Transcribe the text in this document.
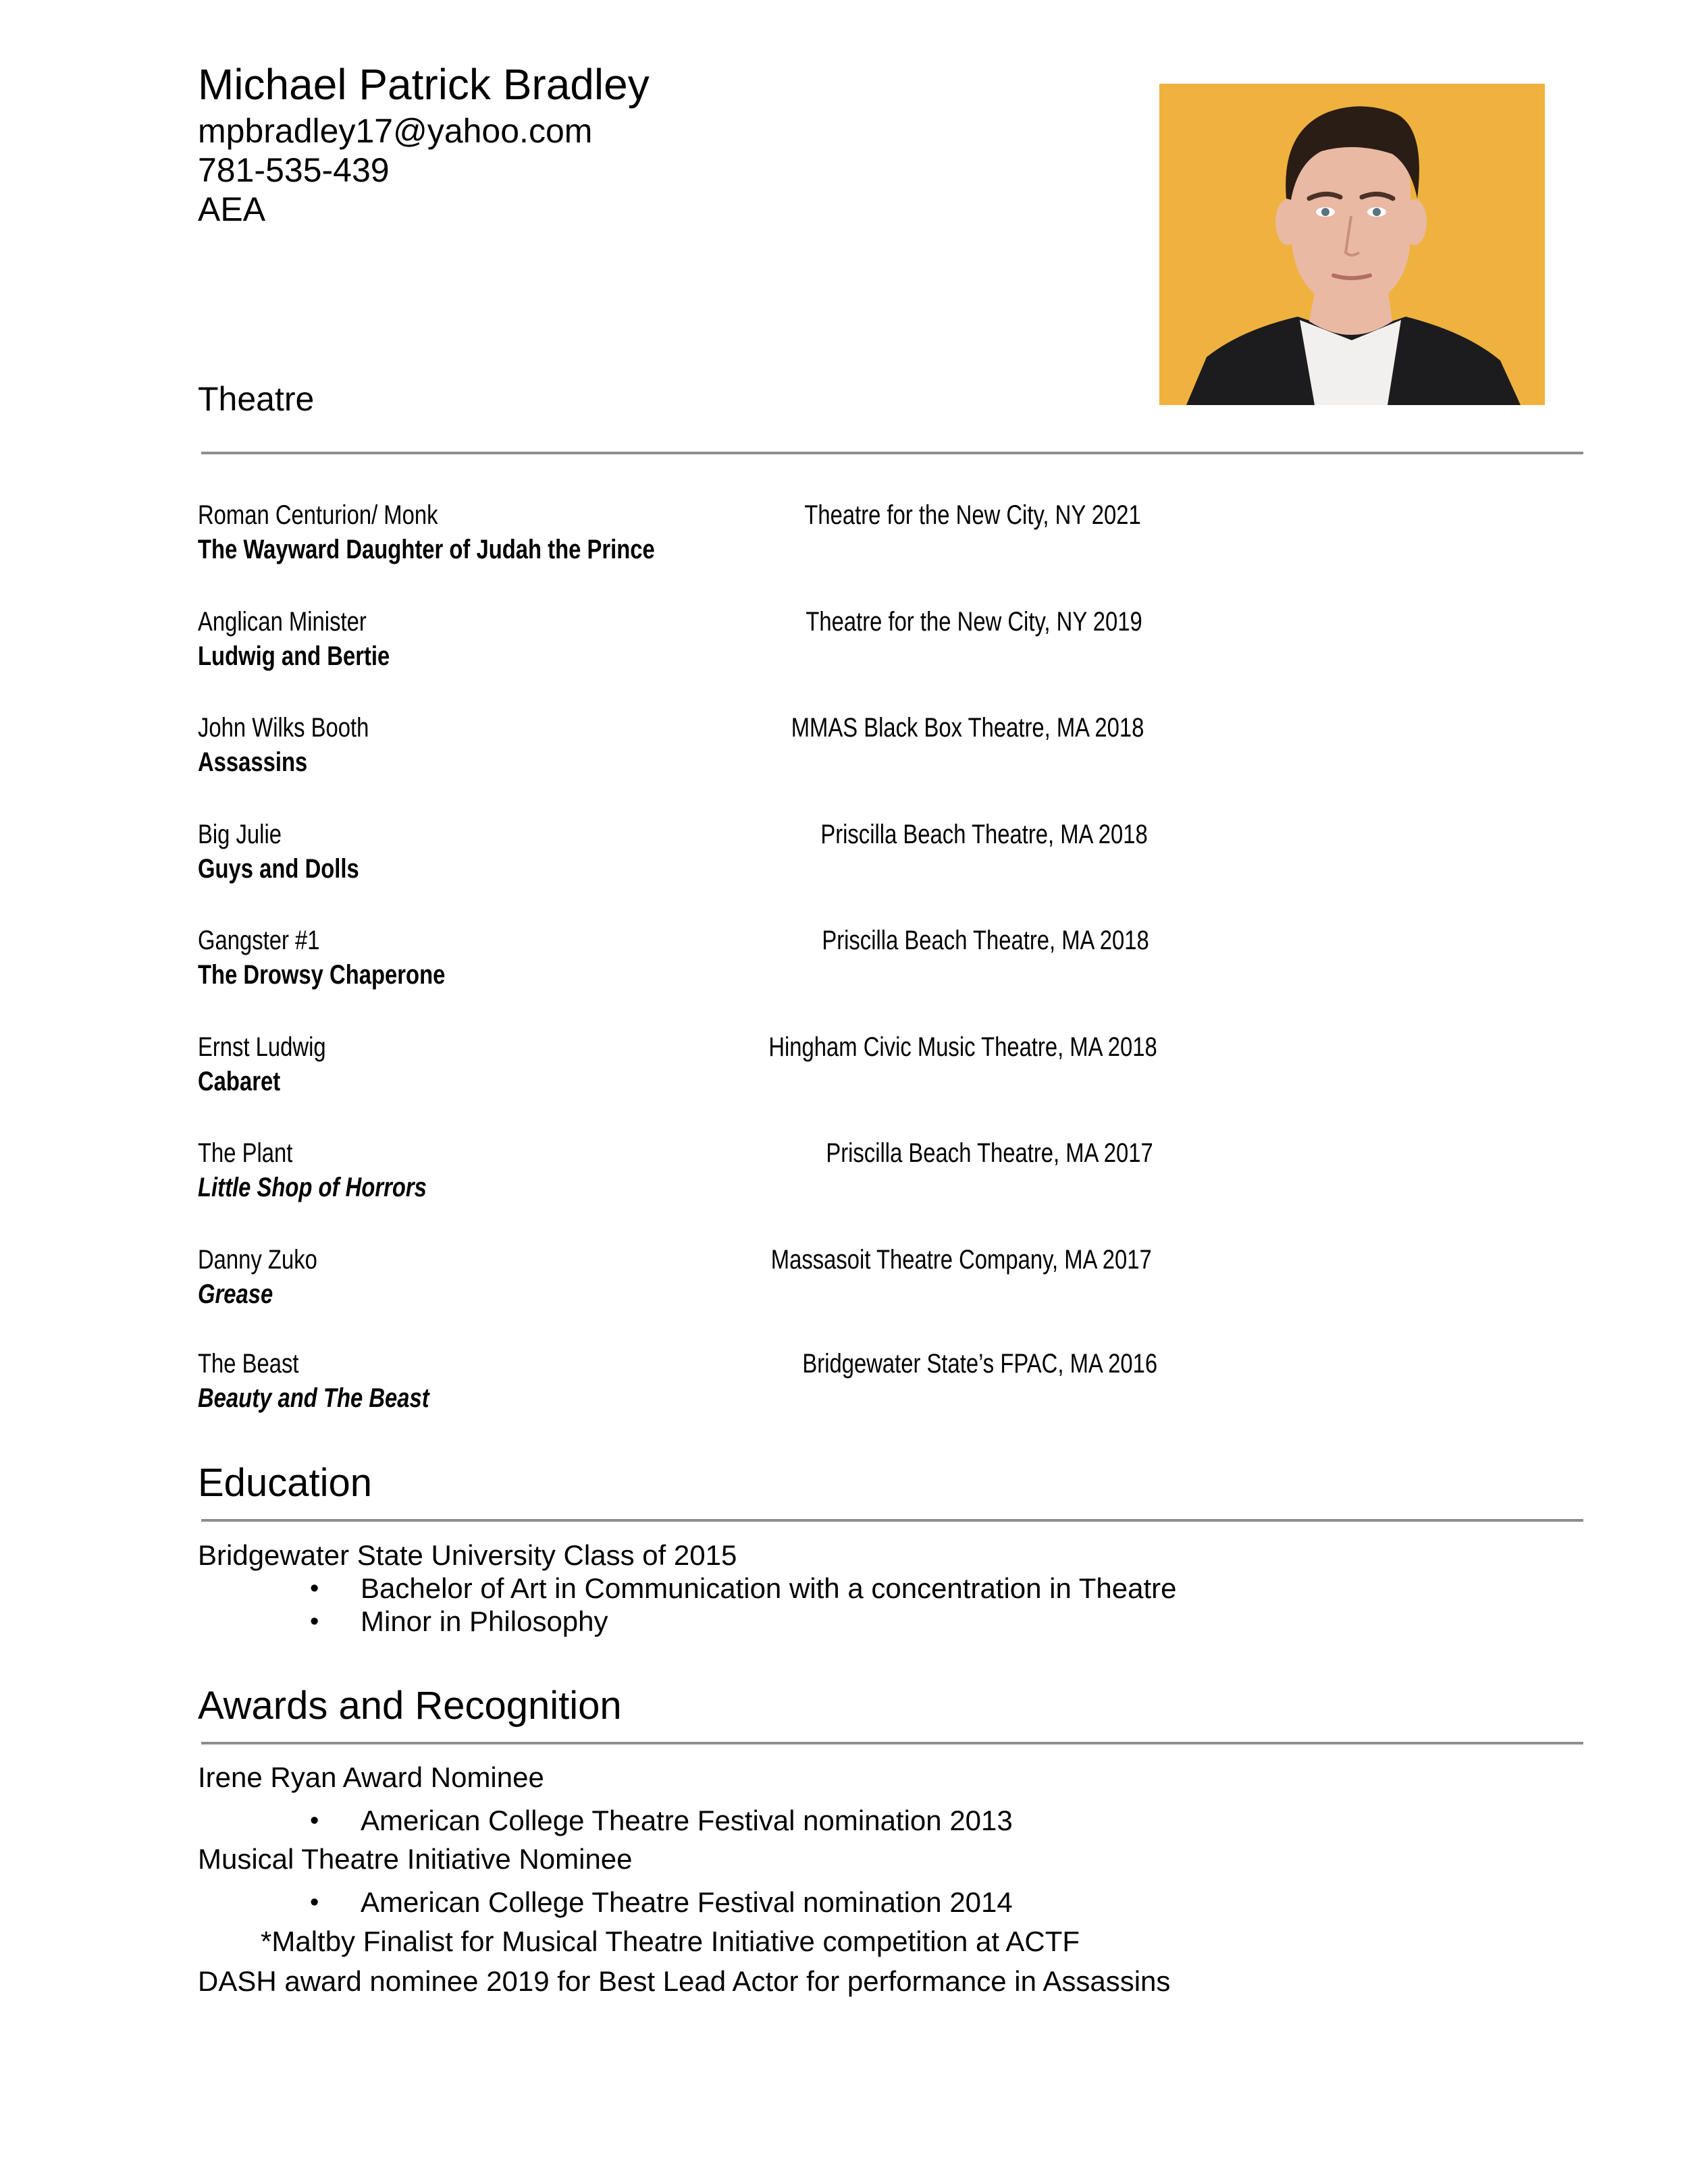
Michael Patrick Bradley
mpbradley17@yahoo.com
781-535-439
AEA
Theatre
Roman Centurion/ Monk
The Wayward Daughter of Judah the Prince
Theatre for the New City, NY 2021
Anglican Minister
Ludwig and Bertie
Theatre for the New City, NY 2019
John Wilks Booth
Assassins
MMAS Black Box Theatre, MA 2018
Big Julie
Guys and Dolls
Priscilla Beach Theatre, MA 2018
Gangster #1
The Drowsy Chaperone
Priscilla Beach Theatre, MA 2018
Ernst Ludwig
Cabaret
Hingham Civic Music Theatre, MA 2018
The Plant
Little Shop of Horrors
Priscilla Beach Theatre, MA 2017
Danny Zuko
Grease
Massasoit Theatre Company, MA 2017
The Beast
Beauty and The Beast
Bridgewater State’s FPAC, MA 2016
Education
Bridgewater State University Class of 2015
• Bachelor of Art in Communication with a concentration in Theatre
• Minor in Philosophy
Awards and Recognition
Irene Ryan Award Nominee
• American College Theatre Festival nomination 2013
Musical Theatre Initiative Nominee
• American College Theatre Festival nomination 2014
*Maltby Finalist for Musical Theatre Initiative competition at ACTF
DASH award nominee 2019 for Best Lead Actor for performance in Assassins
